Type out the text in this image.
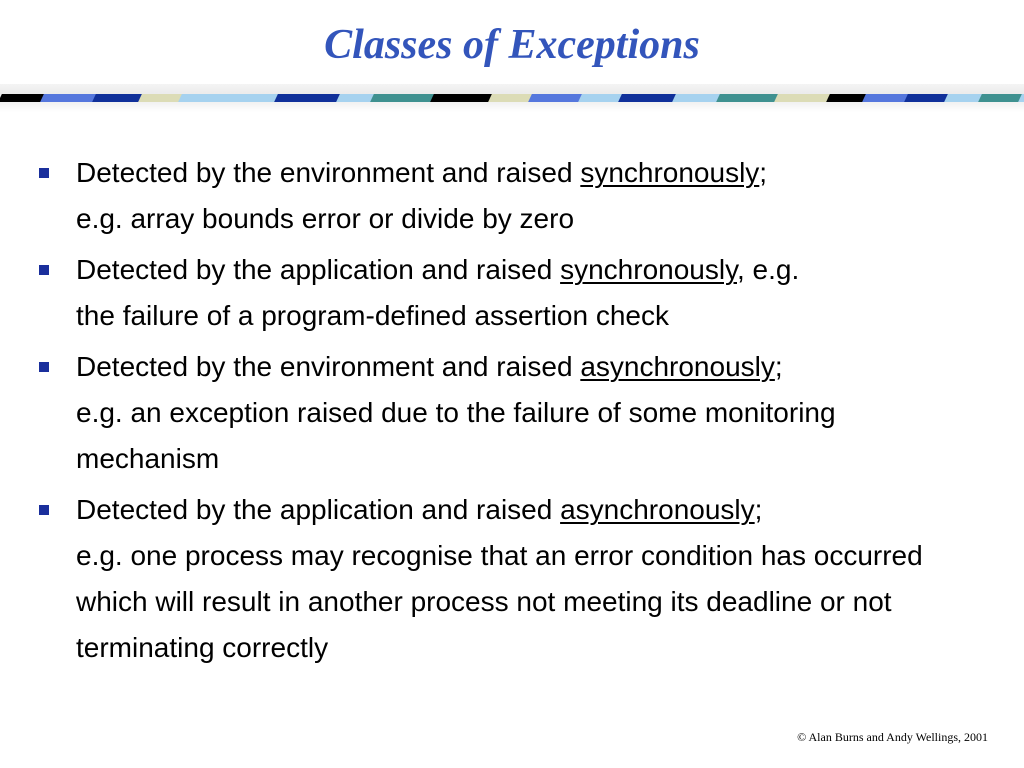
Classes of Exceptions
Detected by the environment and raised synchronously;
e.g. array bounds error or divide by zero
Detected by the application and raised synchronously, e.g.
the failure of a program-defined assertion check
Detected by the environment and raised asynchronously;
e.g. an exception raised due to the failure of some monitoring mechanism
Detected by the application and raised asynchronously;
e.g. one process may recognise that an error condition has occurred which will result in another process not meeting its deadline or not terminating correctly
© Alan Burns and Andy Wellings, 2001
